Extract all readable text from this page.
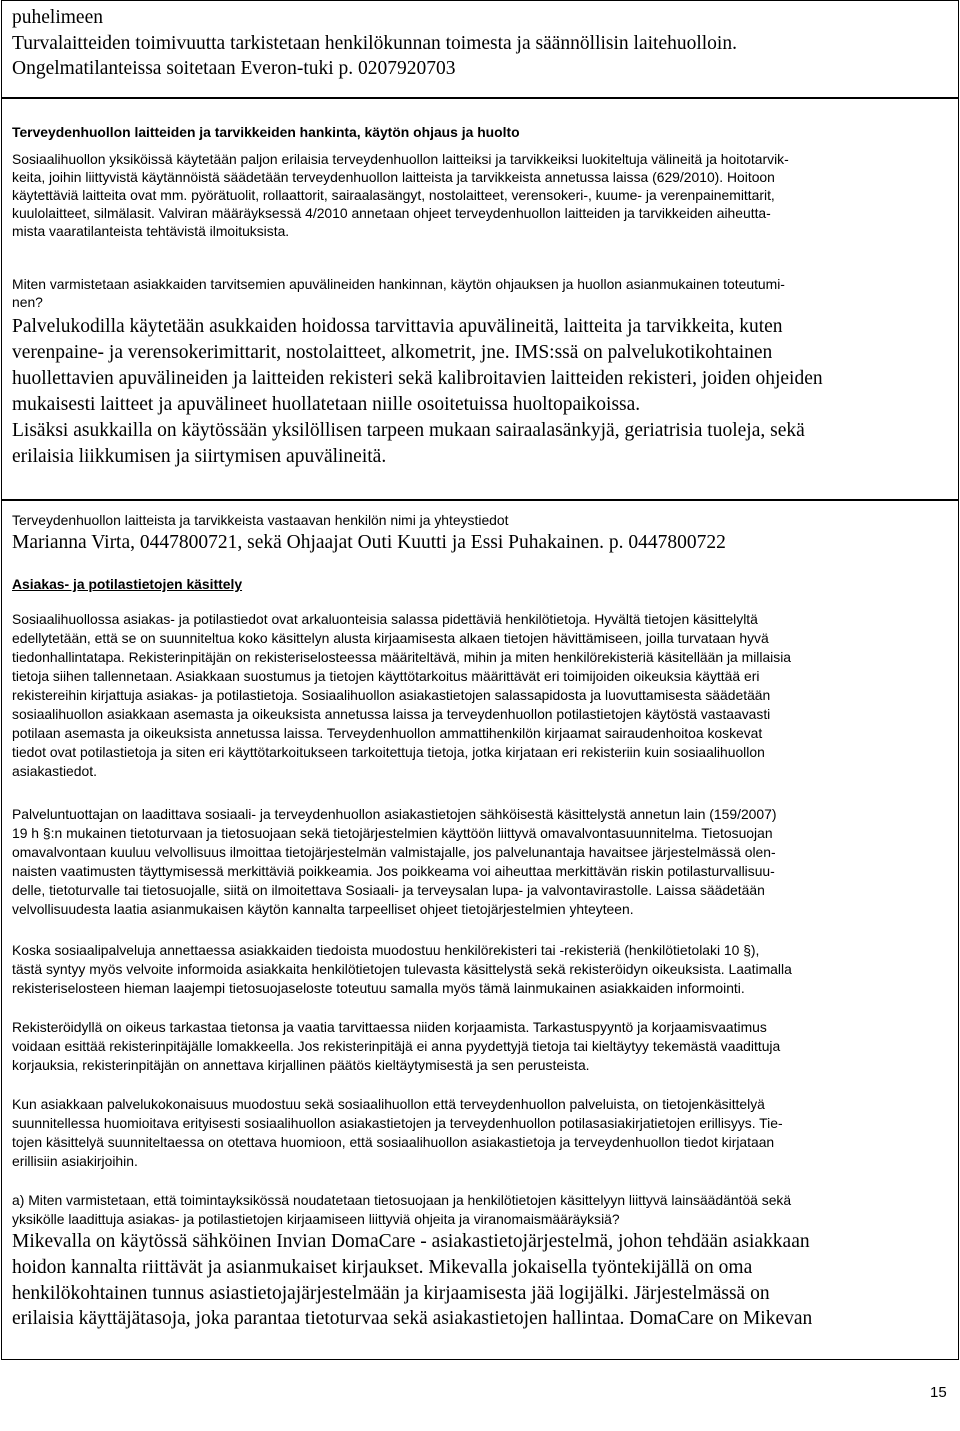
puhelimeen

Turvalaitteiden toimivuutta tarkistetaan henkilökunnan toimesta ja säännöllisin laitehuolloin.

Ongelmatilanteissa soitetaan Everon-tuki p. 0207920703

Terveydenhuollon laitteiden ja tarvikkeiden hankinta, käytön ohjaus ja huolto

Sosiaalihuollon yksiköissä käytetään paljon erilaisia terveydenhuollon laitteiksi ja tarvikkeiksi luokiteltuja välineitä ja hoitotarvik-

keita, joihin liittyvistä käytännöistä säädetään terveydenhuollon laitteista ja tarvikkeista annetussa laissa (629/2010). Hoitoon

käytettäviä laitteita ovat mm. pyörätuolit, rollaattorit, sairaalasängyt, nostolaitteet, verensokeri-, kuume- ja verenpainemittarit,

kuulolaitteet, silmälasit. Valviran määräyksessä 4/2010 annetaan ohjeet terveydenhuollon laitteiden ja tarvikkeiden aiheutta-

mista vaaratilanteista tehtävistä ilmoituksista.

Miten varmistetaan asiakkaiden tarvitsemien apuvälineiden hankinnan, käytön ohjauksen ja huollon asianmukainen toteutumi-

nen?

Palvelukodilla käytetään asukkaiden hoidossa tarvittavia apuvälineitä, laitteita ja tarvikkeita, kuten

verenpaine- ja verensokerimittarit, nostolaitteet, alkometrit, jne. IMS:ssä on palvelukotikohtainen

huollettavien apuvälineiden ja laitteiden rekisteri sekä kalibroitavien laitteiden rekisteri, joiden ohjeiden

mukaisesti laitteet ja apuvälineet huollatetaan niille osoitetuissa huoltopaikoissa.

Lisäksi asukkailla on käytössään yksilöllisen tarpeen mukaan sairaalasänkyjä, geriatrisia tuoleja, sekä

erilaisia liikkumisen ja siirtymisen apuvälineitä.

Terveydenhuollon laitteista ja tarvikkeista vastaavan henkilön nimi ja yhteystiedot

Marianna Virta, 0447800721, sekä Ohjaajat Outi Kuutti ja Essi Puhakainen. p. 0447800722

Asiakas- ja potilastietojen käsittely

Sosiaalihuollossa asiakas- ja potilastiedot ovat arkaluonteisia salassa pidettäviä henkilötietoja. Hyvältä tietojen käsittelyltä

edellytetään, että se on suunniteltua koko käsittelyn alusta kirjaamisesta alkaen tietojen hävittämiseen, joilla turvataan hyvä

tiedonhallintatapa. Rekisterinpitäjän on rekisteriselosteessa määriteltävä, mihin ja miten henkilörekisteriä käsitellään ja millaisia

tietoja siihen tallennetaan. Asiakkaan suostumus ja tietojen käyttötarkoitus määrittävät eri toimijoiden oikeuksia käyttää eri

rekistereihin kirjattuja asiakas- ja potilastietoja. Sosiaalihuollon asiakastietojen salassapidosta ja luovuttamisesta säädetään

sosiaalihuollon asiakkaan asemasta ja oikeuksista annetussa laissa ja terveydenhuollon potilastietojen käytöstä vastaavasti

potilaan asemasta ja oikeuksista annetussa laissa. Terveydenhuollon ammattihenkilön kirjaamat sairaudenhoitoa koskevat

tiedot ovat potilastietoja ja siten eri käyttötarkoitukseen tarkoitettuja tietoja, jotka kirjataan eri rekisteriin kuin sosiaalihuollon

asiakastiedot.

Palveluntuottajan on laadittava sosiaali- ja terveydenhuollon asiakastietojen sähköisestä käsittelystä annetun lain (159/2007)

19 h §:n mukainen tietoturvaan ja tietosuojaan sekä tietojärjestelmien käyttöön liittyvä omavalvontasuunnitelma. Tietosuojan

omavalvontaan kuuluu velvollisuus ilmoittaa tietojärjestelmän valmistajalle, jos palvelunantaja havaitsee järjestelmässä olen-

naisten vaatimusten täyttymisessä merkittäviä poikkeamia. Jos poikkeama voi aiheuttaa merkittävän riskin potilasturvallisuu-

delle, tietoturvalle tai tietosuojalle, siitä on ilmoitettava Sosiaali- ja terveysalan lupa- ja valvontavirastolle. Laissa säädetään

velvollisuudesta laatia asianmukaisen käytön kannalta tarpeelliset ohjeet tietojärjestelmien yhteyteen.

Koska sosiaalipalveluja annettaessa asiakkaiden tiedoista muodostuu henkilörekisteri tai -rekisteriä (henkilötietolaki 10 §),

tästä syntyy myös velvoite informoida asiakkaita henkilötietojen tulevasta käsittelystä sekä rekisteröidyn oikeuksista. Laatimalla

rekisteriselosteen hieman laajempi tietosuojaseloste toteutuu samalla myös tämä lainmukainen asiakkaiden informointi.

Rekisteröidyllä on oikeus tarkastaa tietonsa ja vaatia tarvittaessa niiden korjaamista. Tarkastuspyyntö ja korjaamisvaatimus

voidaan esittää rekisterinpitäjälle lomakkeella. Jos rekisterinpitäjä ei anna pyydettyjä tietoja tai kieltäytyy tekemästä vaadittuja

korjauksia, rekisterinpitäjän on annettava kirjallinen päätös kieltäytymisestä ja sen perusteista.

Kun asiakkaan palvelukokonaisuus muodostuu sekä sosiaalihuollon että terveydenhuollon palveluista, on tietojenkäsittelyä

suunnitellessa huomioitava erityisesti sosiaalihuollon asiakastietojen ja terveydenhuollon potilasasiakirjatietojen erillisyys. Tie-

tojen käsittelyä suunniteltaessa on otettava huomioon, että sosiaalihuollon asiakastietoja ja terveydenhuollon tiedot kirjataan

erillisiin asiakirjoihin.

a) Miten varmistetaan, että toimintayksikössä noudatetaan tietosuojaan ja henkilötietojen käsittelyyn liittyvä lainsäädäntöä sekä

yksikölle laadittuja asiakas- ja potilastietojen kirjaamiseen liittyviä ohjeita ja viranomaismääräyksiä?

Mikevalla on käytössä sähköinen Invian DomaCare - asiakastietojärjestelmä, johon tehdään asiakkaan

hoidon kannalta riittävät ja asianmukaiset kirjaukset. Mikevalla jokaisella työntekijällä on oma

henkilökohtainen tunnus asiastietojajärjestelmään ja kirjaamisesta jää logijälki. Järjestelmässä on

erilaisia käyttäjätasoja, joka parantaa tietoturvaa sekä asiakastietojen hallintaa. DomaCare on Mikevan

15
